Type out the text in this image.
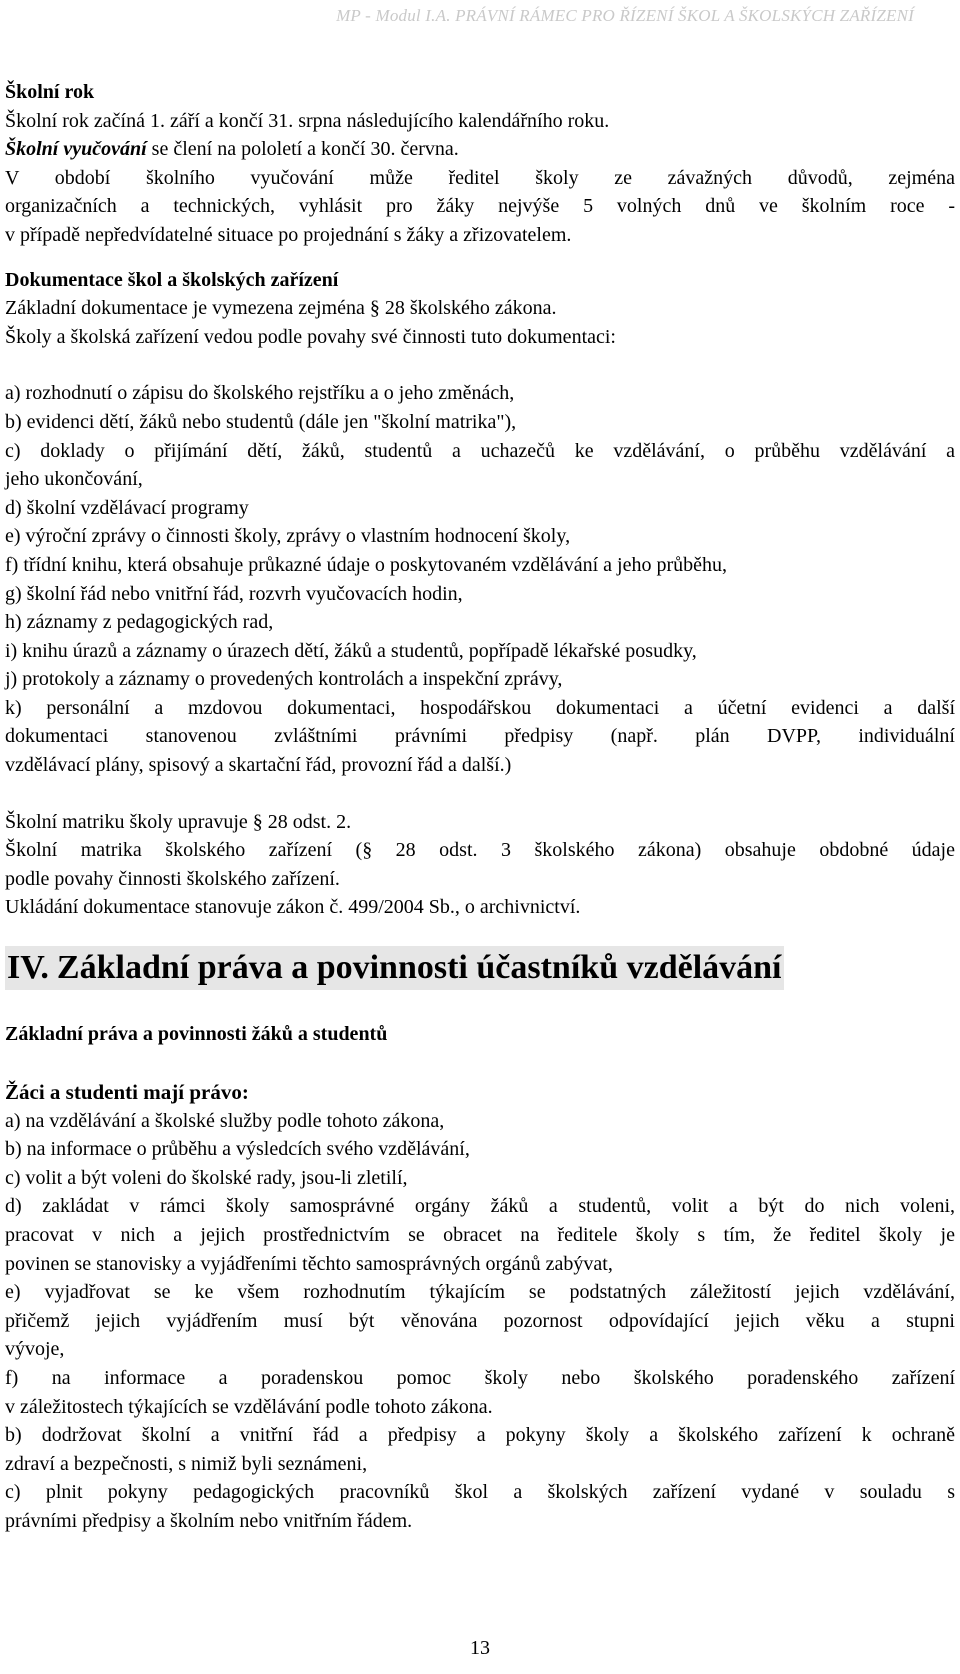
MP - Modul I.A. PRÁVNÍ RÁMEC PRO ŘÍZENÍ ŠKOL A ŠKOLSKÝCH ZAŘÍZENÍ

Školní rok

Školní rok začíná 1. září a končí 31. srpna následujícího kalendářního roku.

Školní vyučování se člení na pololetí a končí 30. června.

V období školního vyučování může ředitel školy ze závažných důvodů, zejména

organizačních a technických, vyhlásit pro žáky nejvýše 5 volných dnů ve školním roce -

v případě nepředvídatelné situace po projednání s žáky a zřizovatelem.

Dokumentace škol a školských zařízení

Základní dokumentace je vymezena zejména § 28 školského zákona.

Školy a školská zařízení vedou podle povahy své činnosti tuto dokumentaci:

a) rozhodnutí o zápisu do školského rejstříku a o jeho změnách,

b) evidenci dětí, žáků nebo studentů (dále jen "školní matrika"),

c) doklady o přijímání dětí, žáků, studentů a uchazečů ke vzdělávání, o průběhu vzdělávání a

jeho ukončování,

d) školní vzdělávací programy

e) výroční zprávy o činnosti školy, zprávy o vlastním hodnocení školy,

f) třídní knihu, která obsahuje průkazné údaje o poskytovaném vzdělávání a jeho průběhu,

g) školní řád nebo vnitřní řád, rozvrh vyučovacích hodin,

h) záznamy z pedagogických rad,

i) knihu úrazů a záznamy o úrazech dětí, žáků a studentů, popřípadě lékařské posudky,

j) protokoly a záznamy o provedených kontrolách a inspekční zprávy,

k) personální a mzdovou dokumentaci, hospodářskou dokumentaci a účetní evidenci a další

dokumentaci stanovenou zvláštními právními předpisy (např. plán DVPP, individuální

vzdělávací plány, spisový a skartační řád, provozní řád a další.)

Školní matriku školy upravuje § 28 odst. 2.

Školní matrika školského zařízení (§ 28 odst. 3 školského zákona) obsahuje obdobné údaje

podle povahy činnosti školského zařízení.

Ukládání dokumentace stanovuje zákon č. 499/2004 Sb., o archivnictví.

IV. Základní práva a povinnosti účastníků vzdělávání

Základní práva a povinnosti žáků a studentů

Žáci a studenti mají právo:

a) na vzdělávání a školské služby podle tohoto zákona,

b) na informace o průběhu a výsledcích svého vzdělávání,

c) volit a být voleni do školské rady, jsou-li zletilí,

d) zakládat v rámci školy samosprávné orgány žáků a studentů, volit a být do nich voleni,

pracovat v nich a jejich prostřednictvím se obracet na ředitele školy s tím, že ředitel školy je

povinen se stanovisky a vyjádřeními těchto samosprávných orgánů zabývat,

e) vyjadřovat se ke všem rozhodnutím týkajícím se podstatných záležitostí jejich vzdělávání,

přičemž jejich vyjádřením musí být věnována pozornost odpovídající jejich věku a stupni

vývoje,

f) na informace a poradenskou pomoc školy nebo školského poradenského zařízení

v záležitostech týkajících se vzdělávání podle tohoto zákona.

b) dodržovat školní a vnitřní řád a předpisy a pokyny školy a školského zařízení k ochraně

zdraví a bezpečnosti, s nimiž byli seznámeni,

c) plnit pokyny pedagogických pracovníků škol a školských zařízení vydané v souladu s

právními předpisy a školním nebo vnitřním řádem.

13
